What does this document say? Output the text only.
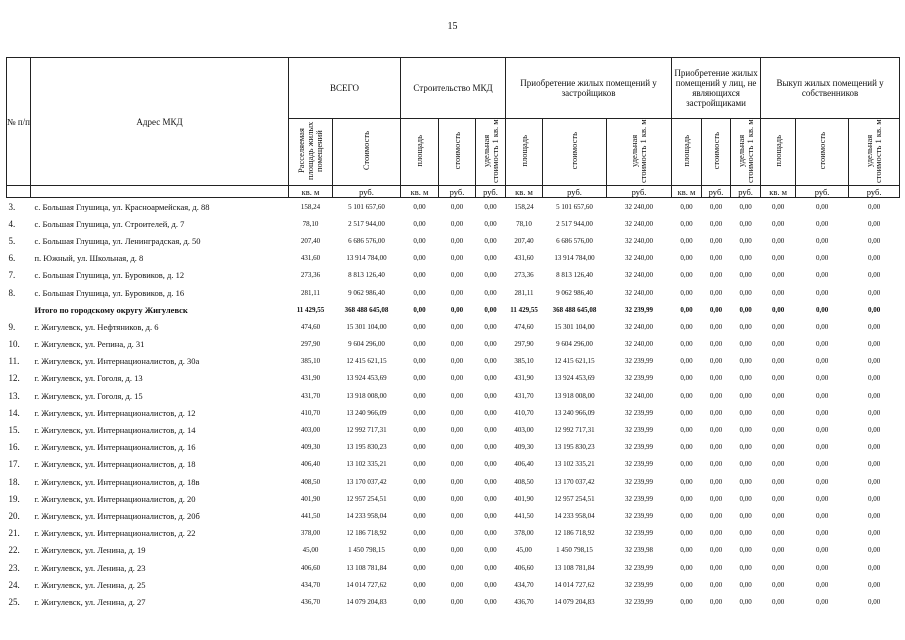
15
№ п/п	Адрес МКД	ВСЕГО		Строительство МКД			Приобретение жилых помещений у застройщиков			Приобретение жилых помещений у лиц, не являющихся застройщиками			Выкуп жилых помещений у собственников		
		Расселяемая площадь жилых помещений	Стоимость	площадь	стоимость	удельная стоимость 1 кв. м	площадь	стоимость	удельная стоимость 1 кв. м	площадь	стоимость	удельная стоимость 1 кв. м	площадь	стоимость	удельная стоимость 1 кв. м
		кв. м	руб.	кв. м	руб.	руб.	кв. м	руб.	руб.	кв. м	руб.	руб.	кв. м	руб.	руб.
3.	с. Большая Глушица, ул. Красноармейская, д. 88	158,24	5 101 657,60	0,00	0,00	0,00	158,24	5 101 657,60	32 240,00	0,00	0,00	0,00	0,00	0,00	0,00
4.	с. Большая Глушица, ул. Строителей, д. 7	78,10	2 517 944,00	0,00	0,00	0,00	78,10	2 517 944,00	32 240,00	0,00	0,00	0,00	0,00	0,00	0,00
5.	с. Большая Глушица, ул. Ленинградская, д. 50	207,40	6 686 576,00	0,00	0,00	0,00	207,40	6 686 576,00	32 240,00	0,00	0,00	0,00	0,00	0,00	0,00
6.	п. Южный, ул. Школьная, д. 8	431,60	13 914 784,00	0,00	0,00	0,00	431,60	13 914 784,00	32 240,00	0,00	0,00	0,00	0,00	0,00	0,00
7.	с. Большая Глушица, ул. Буровиков, д. 12	273,36	8 813 126,40	0,00	0,00	0,00	273,36	8 813 126,40	32 240,00	0,00	0,00	0,00	0,00	0,00	0,00
8.	с. Большая Глушица, ул. Буровиков, д. 16	281,11	9 062 986,40	0,00	0,00	0,00	281,11	9 062 986,40	32 240,00	0,00	0,00	0,00	0,00	0,00	0,00
	Итого по городскому округу Жигулевск	11 429,55	368 488 645,08	0,00	0,00	0,00	11 429,55	368 488 645,08	32 239,99	0,00	0,00	0,00	0,00	0,00	0,00
9.	г. Жигулевск, ул. Нефтяников, д. 6	474,60	15 301 104,00	0,00	0,00	0,00	474,60	15 301 104,00	32 240,00	0,00	0,00	0,00	0,00	0,00	0,00
10.	г. Жигулевск, ул. Репина, д. 31	297,90	9 604 296,00	0,00	0,00	0,00	297,90	9 604 296,00	32 240,00	0,00	0,00	0,00	0,00	0,00	0,00
11.	г. Жигулевск, ул. Интернационалистов, д. 30а	385,10	12 415 621,15	0,00	0,00	0,00	385,10	12 415 621,15	32 239,99	0,00	0,00	0,00	0,00	0,00	0,00
12.	г. Жигулевск, ул. Гоголя, д. 13	431,90	13 924 453,69	0,00	0,00	0,00	431,90	13 924 453,69	32 239,99	0,00	0,00	0,00	0,00	0,00	0,00
13.	г. Жигулевск, ул. Гоголя, д. 15	431,70	13 918 008,00	0,00	0,00	0,00	431,70	13 918 008,00	32 240,00	0,00	0,00	0,00	0,00	0,00	0,00
14.	г. Жигулевск, ул. Интернационалистов, д. 12	410,70	13 240 966,09	0,00	0,00	0,00	410,70	13 240 966,09	32 239,99	0,00	0,00	0,00	0,00	0,00	0,00
15.	г. Жигулевск, ул. Интернационалистов, д. 14	403,00	12 992 717,31	0,00	0,00	0,00	403,00	12 992 717,31	32 239,99	0,00	0,00	0,00	0,00	0,00	0,00
16.	г. Жигулевск, ул. Интернационалистов, д. 16	409,30	13 195 830,23	0,00	0,00	0,00	409,30	13 195 830,23	32 239,99	0,00	0,00	0,00	0,00	0,00	0,00
17.	г. Жигулевск, ул. Интернационалистов, д. 18	406,40	13 102 335,21	0,00	0,00	0,00	406,40	13 102 335,21	32 239,99	0,00	0,00	0,00	0,00	0,00	0,00
18.	г. Жигулевск, ул. Интернационалистов, д. 18в	408,50	13 170 037,42	0,00	0,00	0,00	408,50	13 170 037,42	32 239,99	0,00	0,00	0,00	0,00	0,00	0,00
19.	г. Жигулевск, ул. Интернационалистов, д. 20	401,90	12 957 254,51	0,00	0,00	0,00	401,90	12 957 254,51	32 239,99	0,00	0,00	0,00	0,00	0,00	0,00
20.	г. Жигулевск, ул. Интернационалистов, д. 20б	441,50	14 233 958,04	0,00	0,00	0,00	441,50	14 233 958,04	32 239,99	0,00	0,00	0,00	0,00	0,00	0,00
21.	г. Жигулевск, ул. Интернационалистов, д. 22	378,00	12 186 718,92	0,00	0,00	0,00	378,00	12 186 718,92	32 239,99	0,00	0,00	0,00	0,00	0,00	0,00
22.	г. Жигулевск, ул. Ленина, д. 19	45,00	1 450 798,15	0,00	0,00	0,00	45,00	1 450 798,15	32 239,98	0,00	0,00	0,00	0,00	0,00	0,00
23.	г. Жигулевск, ул. Ленина, д. 23	406,60	13 108 781,84	0,00	0,00	0,00	406,60	13 108 781,84	32 239,99	0,00	0,00	0,00	0,00	0,00	0,00
24.	г. Жигулевск, ул. Ленина, д. 25	434,70	14 014 727,62	0,00	0,00	0,00	434,70	14 014 727,62	32 239,99	0,00	0,00	0,00	0,00	0,00	0,00
25.	г. Жигулевск, ул. Ленина, д. 27	436,70	14 079 204,83	0,00	0,00	0,00	436,70	14 079 204,83	32 239,99	0,00	0,00	0,00	0,00	0,00	0,00
